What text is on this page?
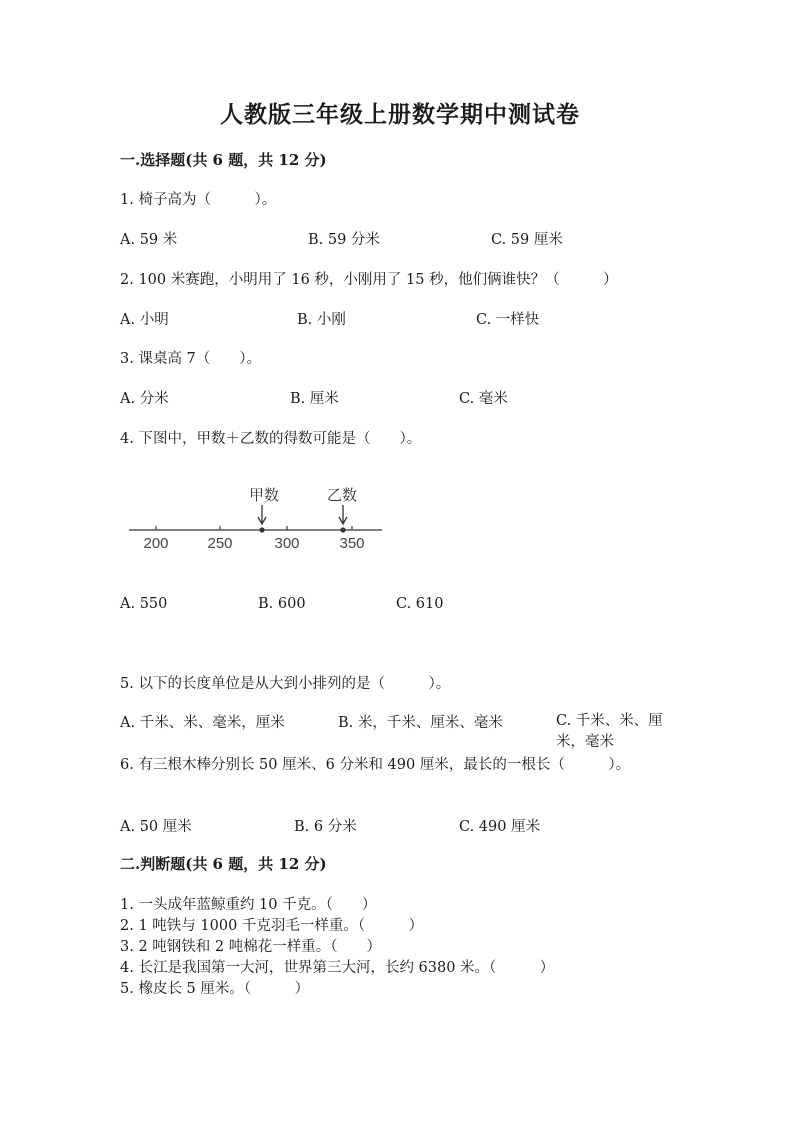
人教版三年级上册数学期中测试卷
一.选择题(共 6 题，共 12 分)
1. 椅子高为（　　　）。
A. 59 米	B. 59 分米	C. 59 厘米
2. 100 米赛跑，小明用了 16 秒，小刚用了 15 秒，他们俩谁快？（　　　）
A. 小明	B. 小刚	C. 一样快
3. 课桌高 7（　　）。
A. 分米	B. 厘米	C. 毫米
4. 下图中，甲数＋乙数的得数可能是（　　）。
甲数	乙数
200	250	300	350
A. 550	B. 600	C. 610
5. 以下的长度单位是从大到小排列的是（　　　）。
A. 千米、米、毫米，厘米	B. 米，千米、厘米、毫米	C. 千米、米、厘米，毫米
6. 有三根木棒分别长 50 厘米、6 分米和 490 厘米，最长的一根长（　　　）。
A. 50 厘米	B. 6 分米	C. 490 厘米
二.判断题(共 6 题，共 12 分)
1. 一头成年蓝鲸重约 10 千克。（　　）
2. 1 吨铁与 1000 千克羽毛一样重。（　　　）
3. 2 吨钢铁和 2 吨棉花一样重。（　　）
4. 长江是我国第一大河，世界第三大河，长约 6380 米。（　　　）
5. 橡皮长 5 厘米。（　　　）
